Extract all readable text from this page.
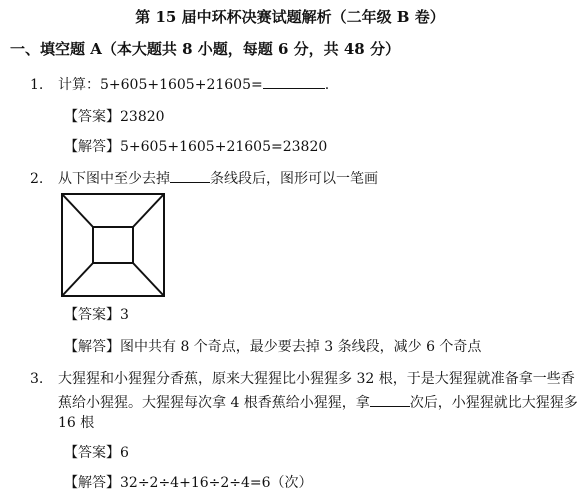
第 15 届中环杯决赛试题解析（二年级 B 卷）
一、填空题 A（本大题共 8 小题，每题 6 分，共 48 分）
1. 计算：5+605+1605+21605=	.
【答案】23820
【解答】5+605+1605+21605=23820
2. 从下图中至少去掉	条线段后，图形可以一笔画
【答案】3
【解答】图中共有 8 个奇点，最少要去掉 3 条线段，减少 6 个奇点
3. 大猩猩和小猩猩分香蕉，原来大猩猩比小猩猩多 32 根，于是大猩猩就准备拿一些香
蕉给小猩猩。大猩猩每次拿 4 根香蕉给小猩猩，拿	次后，小猩猩就比大猩猩多
16 根
【答案】6
【解答】32÷2÷4+16÷2÷4=6（次）
